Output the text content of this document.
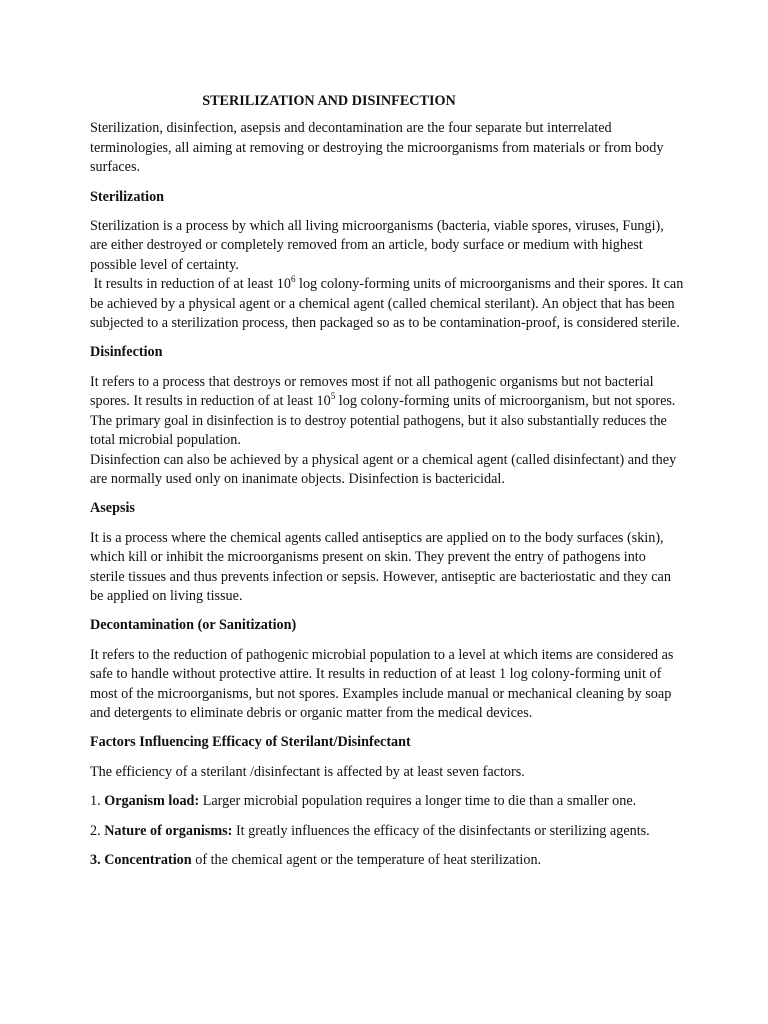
STERILIZATION AND DISINFECTION

Sterilization, disinfection, asepsis and decontamination are the four separate but interrelated terminologies, all aiming at removing or destroying the microorganisms from materials or from body surfaces.

Sterilization

Sterilization is a process by which all living microorganisms (bacteria, viable spores, viruses, Fungi), are either destroyed or completely removed from an article, body surface or medium with highest possible level of certainty.

It results in reduction of at least $10^6$ log colony-forming units of microorganisms and their spores. It can be achieved by a physical agent or a chemical agent (called chemical sterilant). An object that has been subjected to a sterilization process, then packaged so as to be contamination-proof, is considered sterile.

Disinfection

It refers to a process that destroys or removes most if not all pathogenic organisms but not bacterial spores. It results in reduction of at least $10^5$ log colony-forming units of microorganism, but not spores. The primary goal in disinfection is to destroy potential pathogens, but it also substantially reduces the total microbial population.

Disinfection can also be achieved by a physical agent or a chemical agent (called disinfectant) and they are normally used only on inanimate objects. Disinfection is bactericidal.

Asepsis

It is a process where the chemical agents called antiseptics are applied on to the body surfaces (skin), which kill or inhibit the microorganisms present on skin. They prevent the entry of pathogens into sterile tissues and thus prevents infection or sepsis. However, antiseptic are bacteriostatic and they can be applied on living tissue.

Decontamination (or Sanitization)

It refers to the reduction of pathogenic microbial population to a level at which items are considered as safe to handle without protective attire. It results in reduction of at least 1 log colony-forming unit of most of the microorganisms, but not spores. Examples include manual or mechanical cleaning by soap and detergents to eliminate debris or organic matter from the medical devices.

Factors Influencing Efficacy of Sterilant/Disinfectant

The efficiency of a sterilant /disinfectant is affected by at least seven factors.

1. Organism load: Larger microbial population requires a longer time to die than a smaller one.

2. Nature of organisms: It greatly influences the efficacy of the disinfectants or sterilizing agents.

3. Concentration of the chemical agent or the temperature of heat sterilization.
